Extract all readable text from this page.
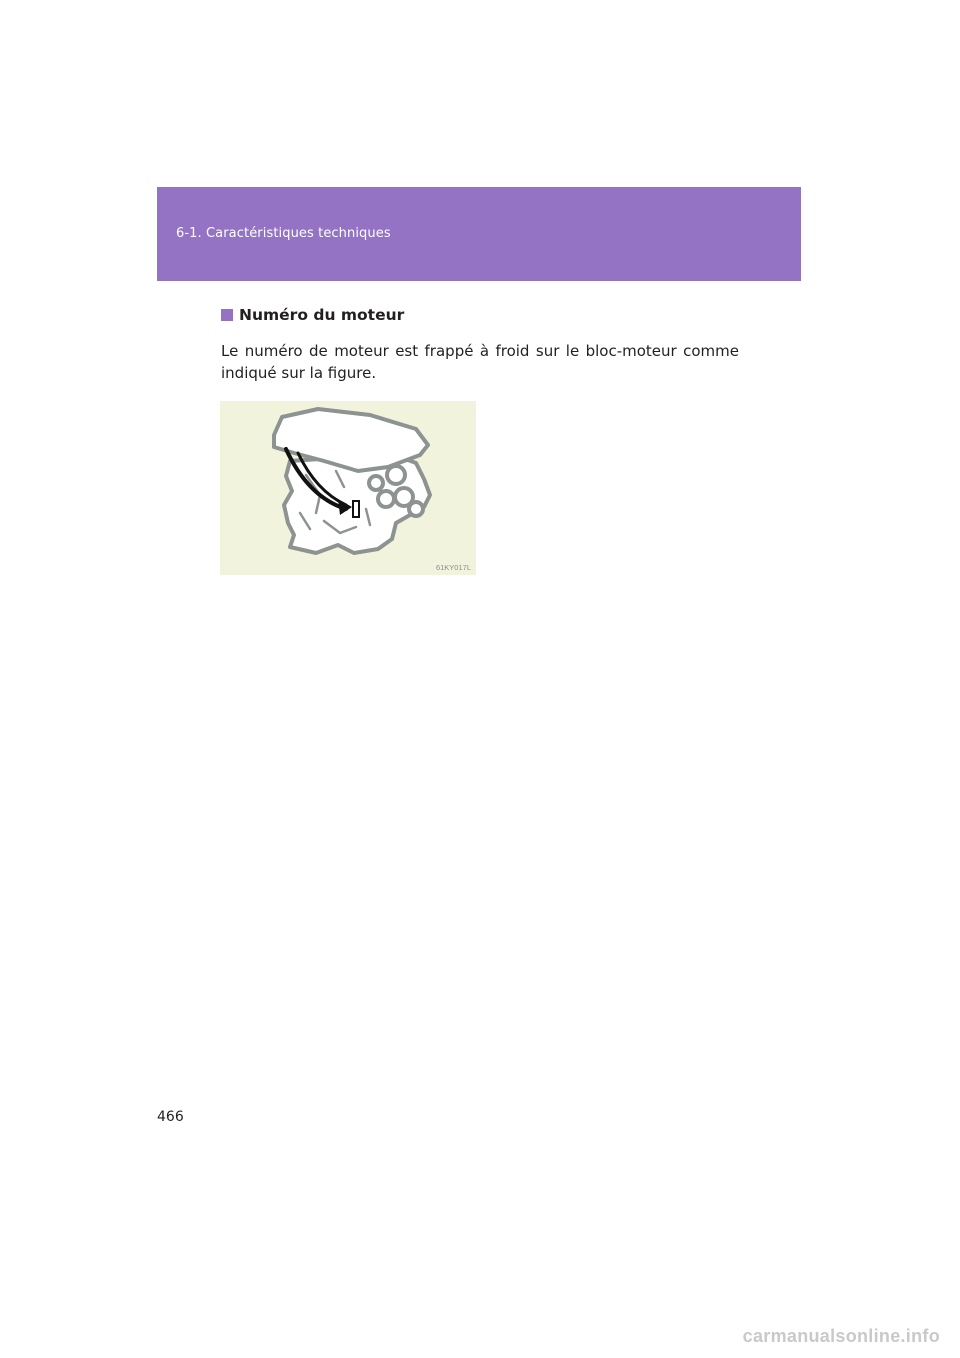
6-1. Caractéristiques techniques
Numéro du moteur

Le numéro de moteur est frappé à froid sur le bloc-moteur comme indiqué sur la figure.

61KY017L
466
carmanualsonline.info
